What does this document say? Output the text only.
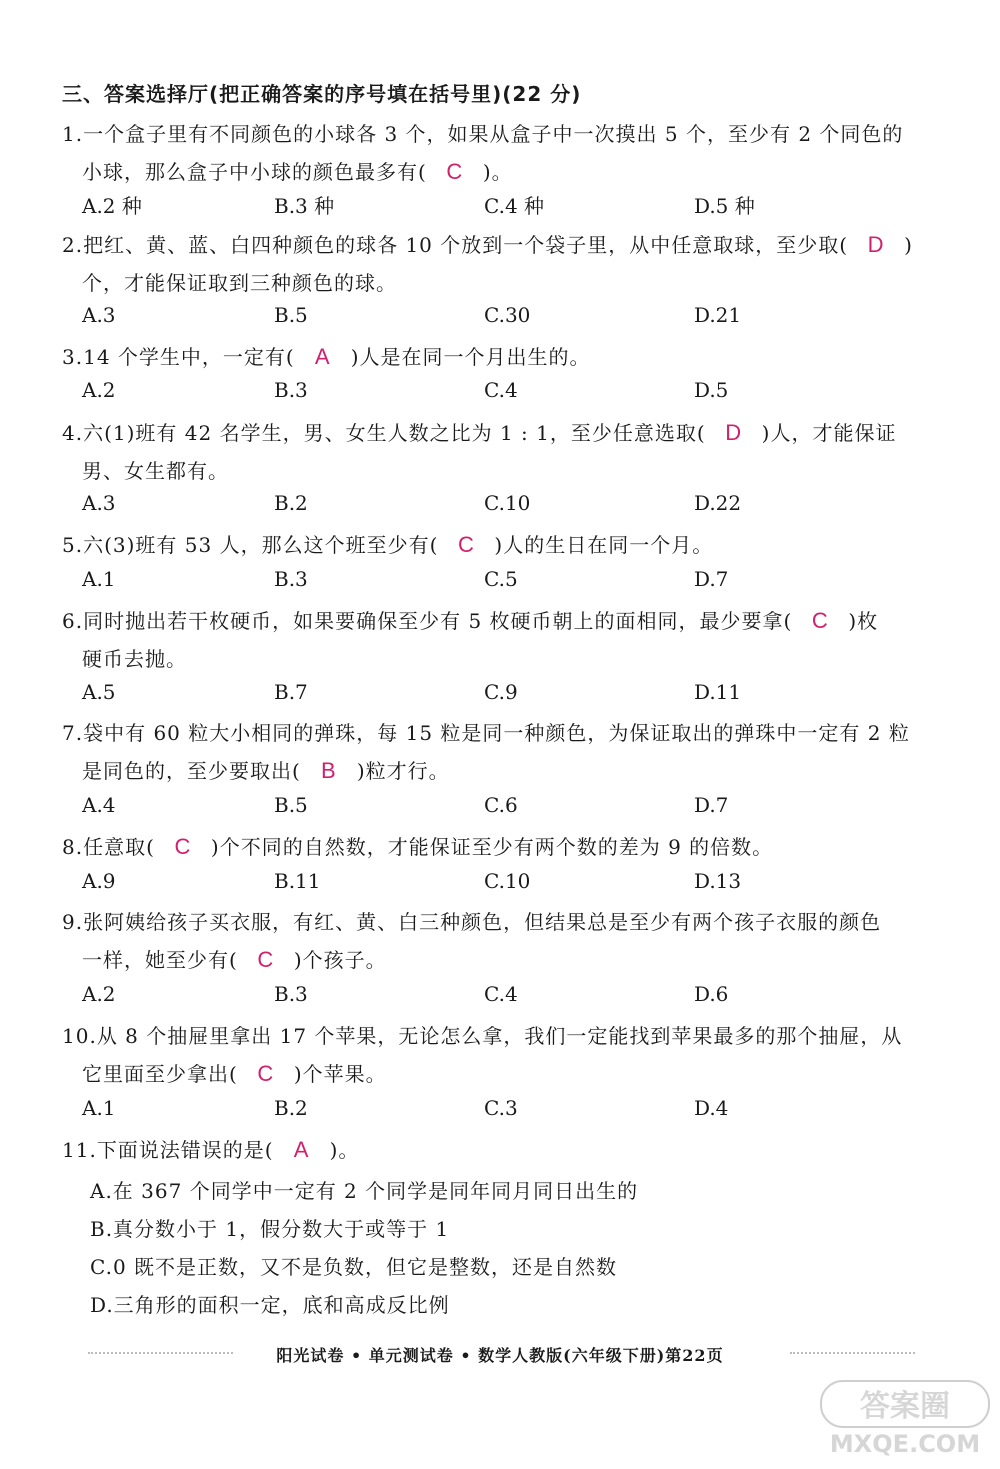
三、答案选择厅(把正确答案的序号填在括号里)(22 分)
1.一个盒子里有不同颜色的小球各 3 个，如果从盒子中一次摸出 5 个，至少有 2 个同色的
小球，那么盒子中小球的颜色最多有( C )。
A.2 种	B.3 种	C.4 种	D.5 种
2.把红、黄、蓝、白四种颜色的球各 10 个放到一个袋子里，从中任意取球，至少取( D )
个，才能保证取到三种颜色的球。
A.3	B.5	C.30	D.21
3.14 个学生中，一定有( A )人是在同一个月出生的。
A.2	B.3	C.4	D.5
4.六(1)班有 42 名学生，男、女生人数之比为 1 : 1，至少任意选取( D )人，才能保证
男、女生都有。
A.3	B.2	C.10	D.22
5.六(3)班有 53 人，那么这个班至少有( C )人的生日在同一个月。
A.1	B.3	C.5	D.7
6.同时抛出若干枚硬币，如果要确保至少有 5 枚硬币朝上的面相同，最少要拿( C )枚
硬币去抛。
A.5	B.7	C.9	D.11
7.袋中有 60 粒大小相同的弹珠，每 15 粒是同一种颜色，为保证取出的弹珠中一定有 2 粒
是同色的，至少要取出( B )粒才行。
A.4	B.5	C.6	D.7
8.任意取( C )个不同的自然数，才能保证至少有两个数的差为 9 的倍数。
A.9	B.11	C.10	D.13
9.张阿姨给孩子买衣服，有红、黄、白三种颜色，但结果总是至少有两个孩子衣服的颜色
一样，她至少有( C )个孩子。
A.2	B.3	C.4	D.6
10.从 8 个抽屉里拿出 17 个苹果，无论怎么拿，我们一定能找到苹果最多的那个抽屉，从
它里面至少拿出( C )个苹果。
A.1	B.2	C.3	D.4
11.下面说法错误的是( A )。
A.在 367 个同学中一定有 2 个同学是同年同月同日出生的
B.真分数小于 1，假分数大于或等于 1
C.0 既不是正数，又不是负数，但它是整数，还是自然数
D.三角形的面积一定，底和高成反比例
阳光试卷 • 单元测试卷 • 数学人教版(六年级下册)第22页
答案圈
MXQE.COM
